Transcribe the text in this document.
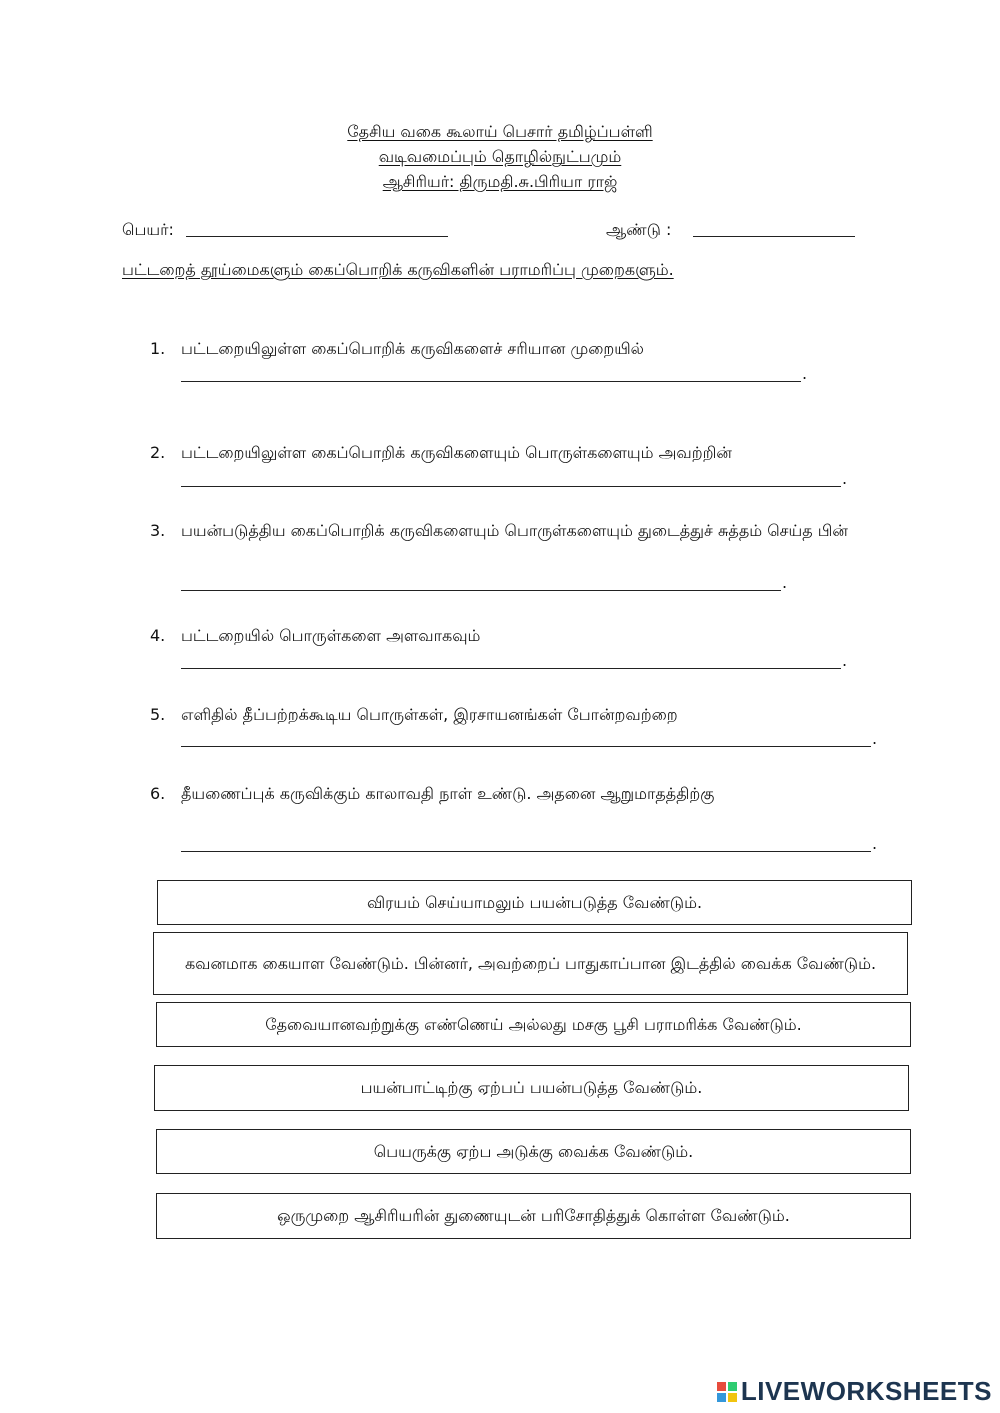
தேசிய வகை கூலாய் பெசார் தமிழ்ப்பள்ளி
வடிவமைப்பும் தொழில்நுட்பமும்
ஆசிரியர்: திருமதி.சு.பிரியா ராஜ்
பெயர்:	ஆண்டு :
பட்டறைத் தூய்மைகளும் கைப்பொறிக் கருவிகளின் பராமரிப்பு முறைகளும்.
1. பட்டறையிலுள்ள கைப்பொறிக் கருவிகளைச் சரியான முறையில்
.
2. பட்டறையிலுள்ள கைப்பொறிக் கருவிகளையும் பொருள்களையும் அவற்றின்
.
3. பயன்படுத்திய கைப்பொறிக் கருவிகளையும் பொருள்களையும் துடைத்துச் சுத்தம் செய்த பின்
.
4. பட்டறையில் பொருள்களை அளவாகவும்
.
5. எளிதில் தீப்பற்றக்கூடிய பொருள்கள், இரசாயனங்கள் போன்றவற்றை
.
6. தீயணைப்புக் கருவிக்கும் காலாவதி நாள் உண்டு. அதனை ஆறுமாதத்திற்கு
.
விரயம் செய்யாமலும் பயன்படுத்த வேண்டும்.
கவனமாக கையாள வேண்டும். பின்னர், அவற்றைப் பாதுகாப்பான இடத்தில் வைக்க வேண்டும்.
தேவையானவற்றுக்கு எண்ணெய் அல்லது மசகு பூசி பராமரிக்க வேண்டும்.
பயன்பாட்டிற்கு ஏற்பப் பயன்படுத்த வேண்டும்.
பெயருக்கு ஏற்ப அடுக்கு வைக்க வேண்டும்.
ஒருமுறை ஆசிரியரின் துணையுடன் பரிசோதித்துக் கொள்ள வேண்டும்.
LIVEWORKSHEETS
